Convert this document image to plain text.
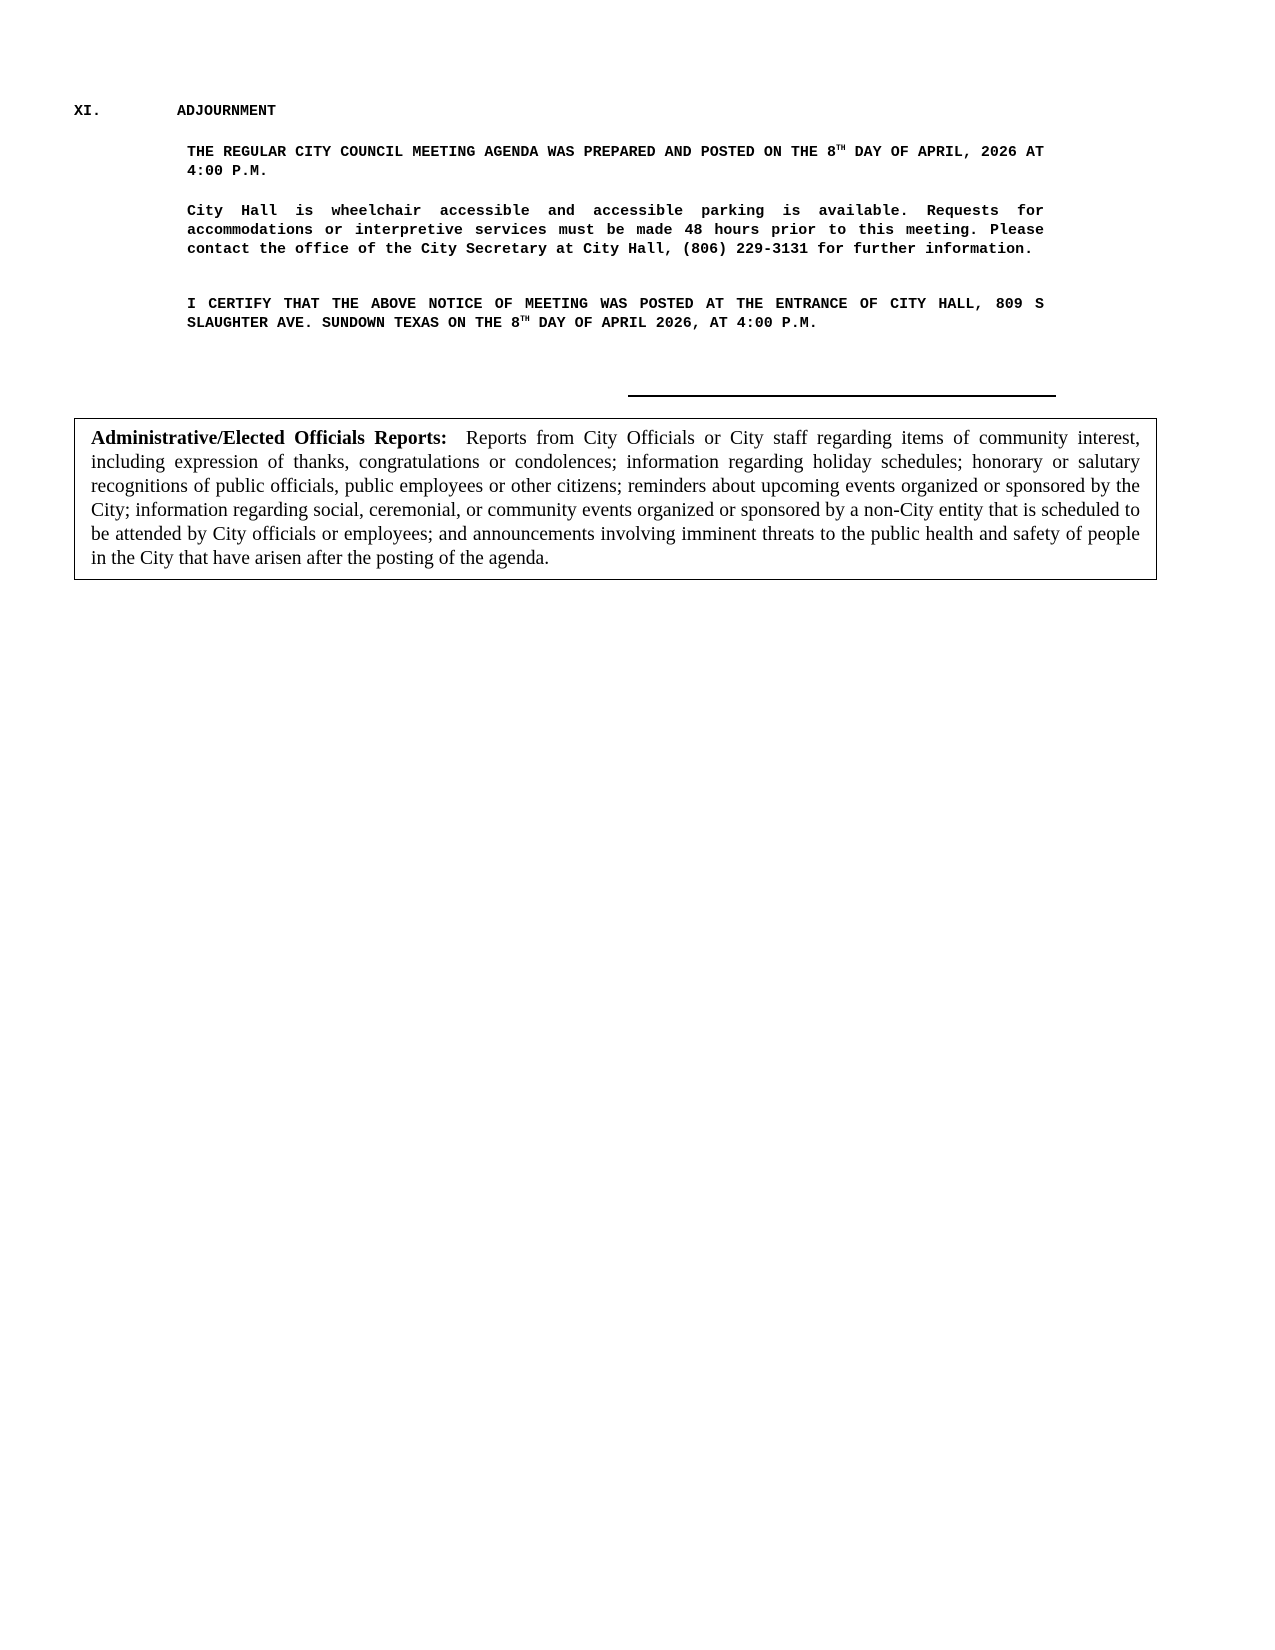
XI.	ADJOURNMENT

THE REGULAR CITY COUNCIL MEETING AGENDA WAS PREPARED AND POSTED ON THE 8TH DAY OF APRIL, 2026 AT 4:00 P.M.

City Hall is wheelchair accessible and accessible parking is available. Requests for accommodations or interpretive services must be made 48 hours prior to this meeting. Please contact the office of the City Secretary at City Hall, (806) 229-3131 for further information.

I CERTIFY THAT THE ABOVE NOTICE OF MEETING WAS POSTED AT THE ENTRANCE OF CITY HALL, 809 S SLAUGHTER AVE. SUNDOWN TEXAS ON THE 8TH DAY OF APRIL 2026, AT 4:00 P.M.

Administrative/Elected Officials Reports: Reports from City Officials or City staff regarding items of community interest, including expression of thanks, congratulations or condolences; information regarding holiday schedules; honorary or salutary recognitions of public officials, public employees or other citizens; reminders about upcoming events organized or sponsored by the City; information regarding social, ceremonial, or community events organized or sponsored by a non-City entity that is scheduled to be attended by City officials or employees; and announcements involving imminent threats to the public health and safety of people in the City that have arisen after the posting of the agenda.
